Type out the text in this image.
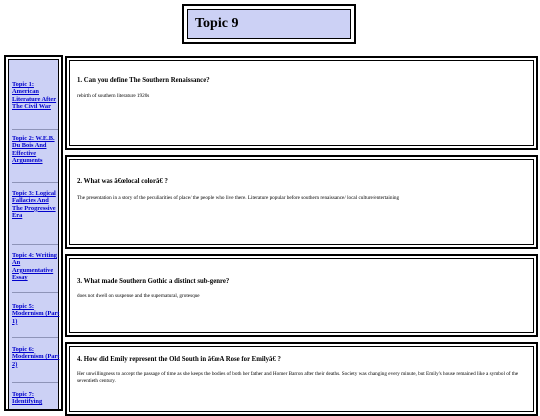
Topic 9
Topic 1: American Literature After The Civil War
Topic 2: W.E.B. Du Bois And Effective Arguments
Topic 3: Logical Fallacies And The Progressive Era
Topic 4: Writing An Argumentative Essay
Topic 5: Modernism (Part 1)
Topic 6: Modernism (Part 2)
Topic 7: Identifying
1. Can you define The Southern Renaissance?
rebirth of southern literature 1920s
2. What was â€œlocal colorâ€ ?
The presentation in a story of the peculiarities of place/ the people who live there. Literature popular before southern renaissance/ local culture/entertaining
3. What made Southern Gothic a distinct sub-genre?
does not dwell on suspense and the supernatural, grotesque
4. How did Emily represent the Old South in â€œA Rose for Emilyâ€ ?
Her unwillingness to accept the passage of time as she keeps the bodies of both her father and Homer Barron after their deaths. Society was changing every minute, but Emily's house remained like a symbol of the seventieth century.
